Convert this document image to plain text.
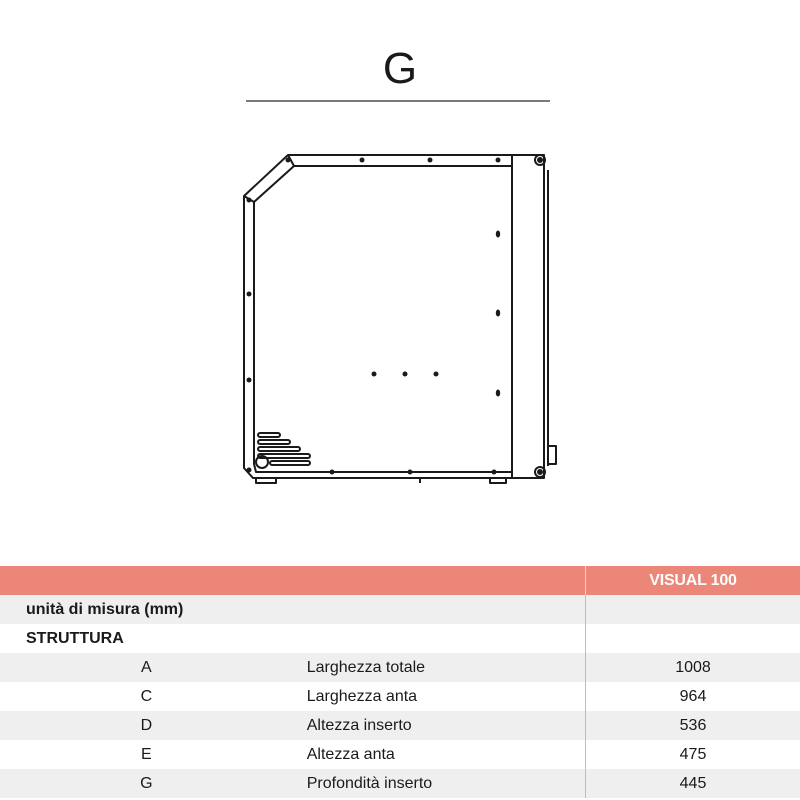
G
		VISUAL 100
unità di misura (mm)		
STRUTTURA		
A	Larghezza totale	1008
C	Larghezza anta	964
D	Altezza inserto	536
E	Altezza anta	475
G	Profondità inserto	445
